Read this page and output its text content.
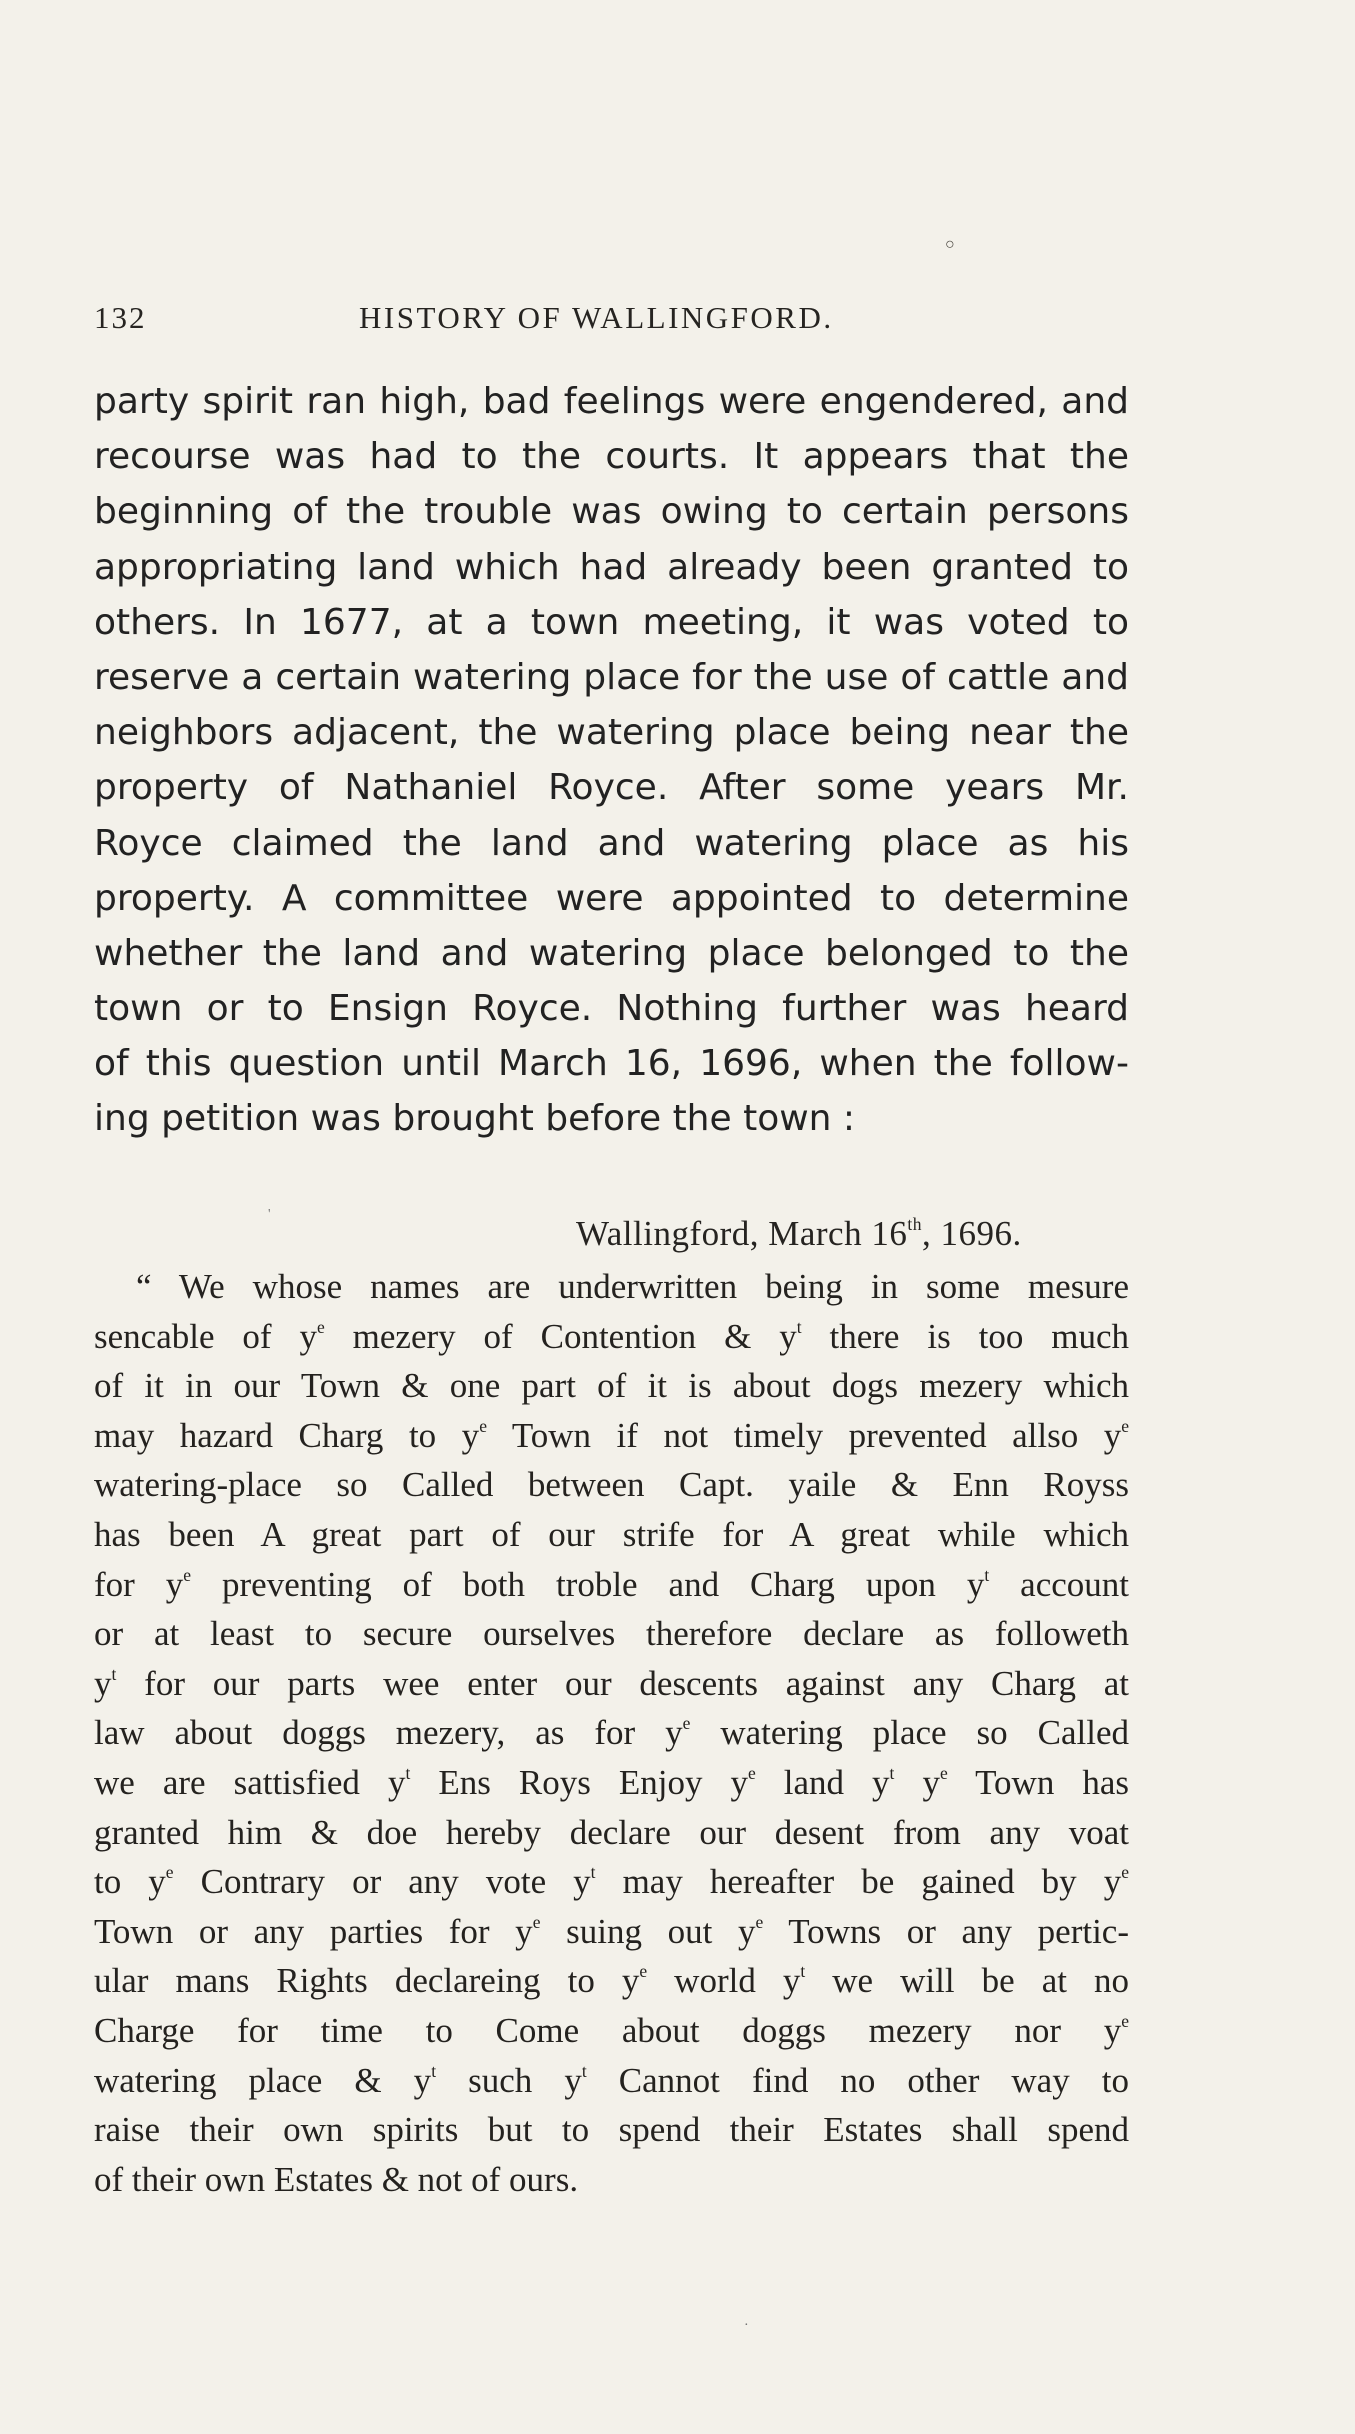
○
132	HISTORY OF WALLINGFORD.
party spirit ran high, bad feelings were engendered, and
recourse was had to the courts. It appears that the
beginning of the trouble was owing to certain persons
appropriating land which had already been granted to
others. In 1677, at a town meeting, it was voted to
reserve a certain watering place for the use of cattle and
neighbors adjacent, the watering place being near the
property of Nathaniel Royce. After some years Mr.
Royce claimed the land and watering place as his
property. A committee were appointed to determine
whether the land and watering place belonged to the
town or to Ensign Royce. Nothing further was heard
of this question until March 16, 1696, when the follow-
ing petition was brought before the town :
'	Wallingford, March 16th, 1696.
“ We whose names are underwritten being in some mesure
sencable of $y^e$ mezery of Contention & $y^t$ there is too much
of it in our Town & one part of it is about dogs mezery which
may hazard Charg to $y^e$ Town if not timely prevented allso $y^e$
watering-place so Called between Capt. yaile & Enn Royss
has been A great part of our strife for A great while which
for $y^e$ preventing of both troble and Charg upon $y^t$ account
or at least to secure ourselves therefore declare as followeth
$y^t$ for our parts wee enter our descents against any Charg at
law about doggs mezery, as for $y^e$ watering place so Called
we are sattisfied $y^t$ Ens Roys Enjoy $y^e$ land $y^t$ $y^e$ Town has
granted him & doe hereby declare our desent from any voat
to $y^e$ Contrary or any vote $y^t$ may hereafter be gained by $y^e$
Town or any parties for $y^e$ suing out $y^e$ Towns or any pertic-
ular mans Rights declareing to $y^e$ world $y^t$ we will be at no
Charge for time to Come about doggs mezery nor $y^e$
watering place & $y^t$ such $y^t$ Cannot find no other way to
raise their own spirits but to spend their Estates shall spend
of their own Estates & not of ours.
·
